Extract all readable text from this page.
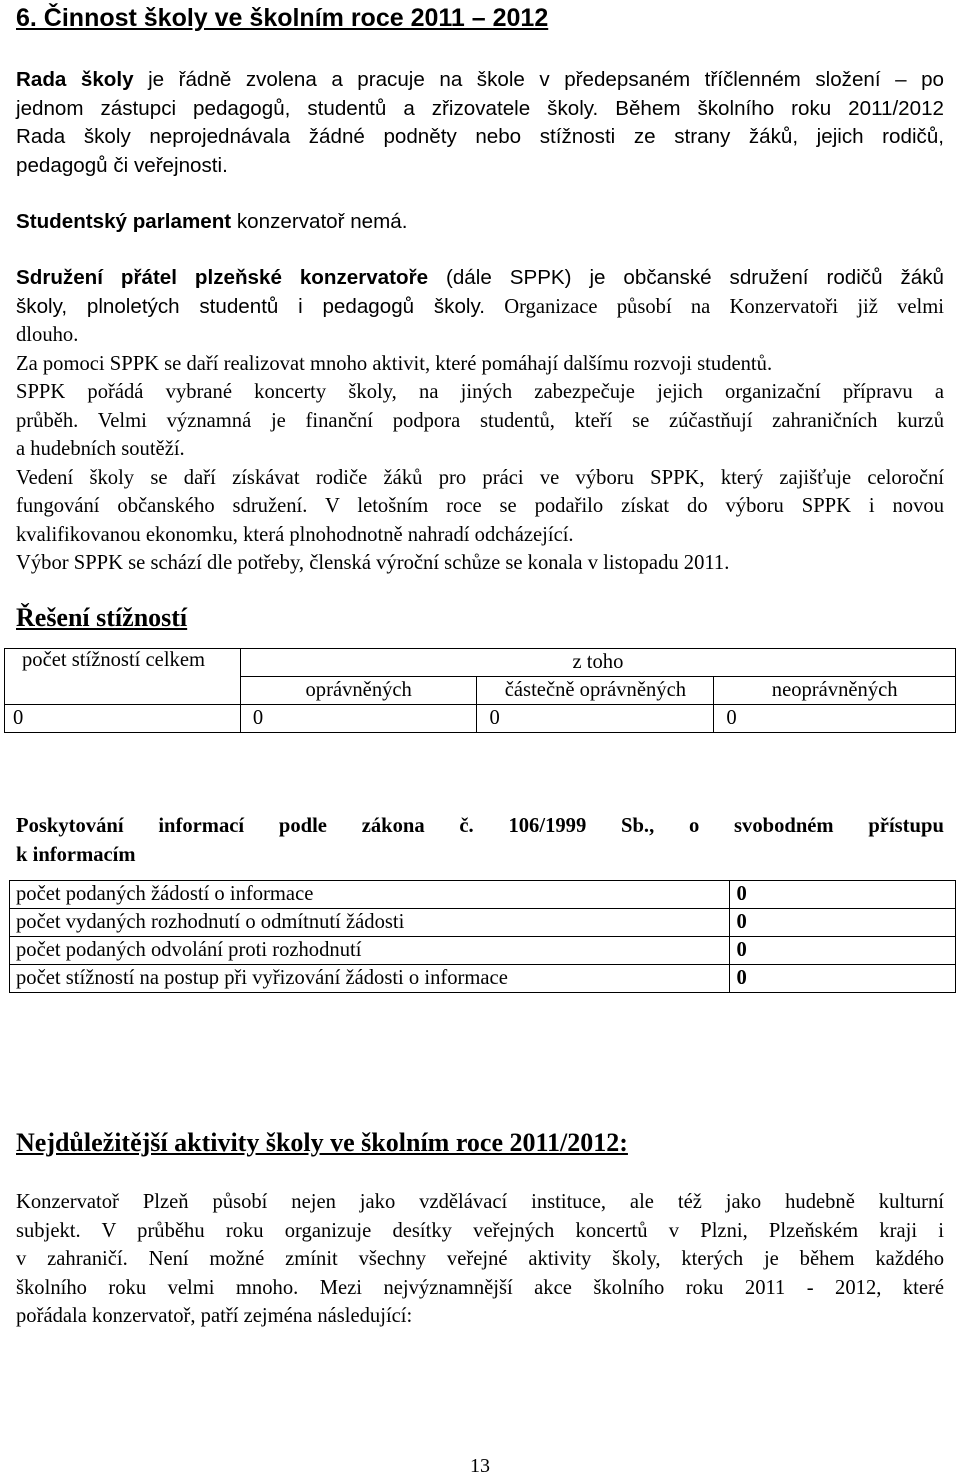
6. Činnost školy ve školním roce 2011 – 2012

Rada školy je řádně zvolena a pracuje na škole v předepsaném tříčlenném složení – po

jednom zástupci pedagogů, studentů a zřizovatele školy. Během školního roku 2011/2012

Rada školy neprojednávala žádné podněty nebo stížnosti ze strany žáků, jejich rodičů,

pedagogů či veřejnosti.

Studentský parlament konzervatoř nemá.

Sdružení přátel plzeňské konzervatoře (dále SPPK) je občanské sdružení rodičů žáků

školy, plnoletých studentů i pedagogů školy. Organizace působí na Konzervatoři již velmi

dlouho.

Za pomoci SPPK se daří realizovat mnoho aktivit, které pomáhají dalšímu rozvoji studentů.

SPPK pořádá vybrané koncerty školy, na jiných zabezpečuje jejich organizační přípravu a

průběh. Velmi významná je finanční podpora studentů, kteří se zúčastňují zahraničních kurzů

a hudebních soutěží.

Vedení školy se daří získávat rodiče žáků pro práci ve výboru SPPK, který zajišťuje celoroční

fungování občanského sdružení. V letošním roce se podařilo získat do výboru SPPK i novou

kvalifikovanou ekonomku, která plnohodnotně nahradí odcházející.

Výbor SPPK se schází dle potřeby, členská výroční schůze se konala v listopadu 2011.

Řešení stížností
počet stížností celkem	z toho		
	oprávněných	částečně oprávněných	neoprávněných
0	0	0	0
Poskytování informací podle zákona č. 106/1999 Sb., o svobodném přístupu
k informacím
počet podaných žádostí o informace	0
počet vydaných rozhodnutí o odmítnutí žádosti	0
počet podaných odvolání proti rozhodnutí	0
počet stížností na postup při vyřizování žádosti o informace	0
Nejdůležitější aktivity školy ve školním roce 2011/2012:

Konzervatoř Plzeň působí nejen jako vzdělávací instituce, ale též jako hudebně kulturní

subjekt. V průběhu roku organizuje desítky veřejných koncertů v Plzni, Plzeňském kraji i

v zahraničí. Není možné zmínit všechny veřejné aktivity školy, kterých je během každého

školního roku velmi mnoho. Mezi nejvýznamnější akce školního roku 2011 - 2012, které

pořádala konzervatoř, patří zejména následující:

13
